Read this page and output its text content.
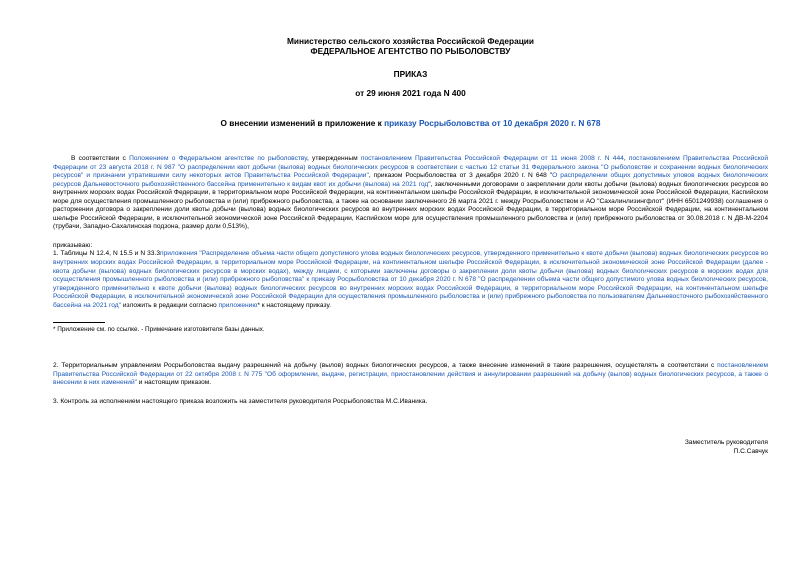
Министерство сельского хозяйства Российской Федерации
ФЕДЕРАЛЬНОЕ АГЕНТСТВО ПО РЫБОЛОВСТВУ
ПРИКАЗ
от 29 июня 2021 года N 400
О внесении изменений в приложение к приказу Росрыболовства от 10 декабря 2020 г. N 678
В соответствии с Положением о Федеральном агентстве по рыболовству, утвержденным постановлением Правительства Российской Федерации от 11 июня 2008 г. N 444, постановлением Правительства Российской Федерации от 23 августа 2018 г. N 987 "О распределении квот добычи (вылова) водных биологических ресурсов в соответствии с частью 12 статьи 31 Федерального закона "О рыболовстве и сохранении водных биологических ресурсов" и признании утратившими силу некоторых актов Правительства Российской Федерации", приказом Росрыболовства от 3 декабря 2020 г. N 648 "О распределении общих допустимых уловов водных биологических ресурсов Дальневосточного рыбохозяйственного бассейна применительно к видам квот их добычи (вылова) на 2021 год", заключенными договорами о закреплении доли квоты добычи (вылова) водных биологических ресурсов во внутренних морских водах Российской Федерации, в территориальном море Российской Федерации, на континентальном шельфе Российской Федерации, в исключительной экономической зоне Российской Федерации, Каспийском море для осуществления промышленного рыболовства и (или) прибрежного рыболовства, а также на основании заключенного 26 марта 2021 г. между Росрыболовством и АО "Сахалинлизингфлот" (ИНН 6501249938) соглашения о расторжении договора о закреплении доли квоты добычи (вылова) водных биологических ресурсов во внутренних морских водах Российской Федерации, в территориальном море Российской Федерации, на континентальном шельфе Российской Федерации, в исключительной экономической зоне Российской Федерации, Каспийском море для осуществления промышленного рыболовства и (или) прибрежного рыболовства от 30.08.2018 г. N ДВ-М-2204 (трубачи, Западно-Сахалинская подзона, размер доли 0,513%),
приказываю:
1. Таблицы N 12.4, N 15.5 и N 33.3приложения "Распределение объема части общего допустимого улова водных биологических ресурсов, утвержденного применительно к квоте добычи (вылова) водных биологических ресурсов во внутренних морских водах Российской Федерации, в территориальном море Российской Федерации, на континентальном шельфе Российской Федерации, в исключительной экономической зоне Российской Федерации (далее - квота добычи (вылова) водных биологических ресурсов в морских водах), между лицами, с которыми заключены договоры о закреплении доли квоты добычи (вылова) водных биологических ресурсов в морских водах для осуществления промышленного рыболовства и (или) прибрежного рыболовства" к приказу Росрыболовства от 10 декабря 2020 г. N 678 "О распределении объема части общего допустимого улова водных биологических ресурсов, утвержденного применительно к квоте добычи (вылова) водных биологических ресурсов во внутренних морских водах Российской Федерации, в территориальном море Российской Федерации, на континентальном шельфе Российской Федерации, в исключительной экономической зоне Российской Федерации для осуществления промышленного рыболовства и (или) прибрежного рыболовства по пользователям Дальневосточного рыбохозяйственного бассейна на 2021 год" изложить в редакции согласно приложению* к настоящему приказу.
* Приложение см. по ссылке. - Примечание изготовителя базы данных.
2. Территориальным управлениям Росрыболовства выдачу разрешений на добычу (вылов) водных биологических ресурсов, а также внесение изменений в такие разрешения, осуществлять в соответствии с постановлением Правительства Российской Федерации от 22 октября 2008 г. N 775 "Об оформлении, выдаче, регистрации, приостановлении действия и аннулировании разрешений на добычу (вылов) водных биологических ресурсов, а также о внесении в них изменений" и настоящим приказом.
3. Контроль за исполнением настоящего приказа возложить на заместителя руководителя Росрыболовства М.С.Иваника.
Заместитель руководителя
П.С.Савчук
